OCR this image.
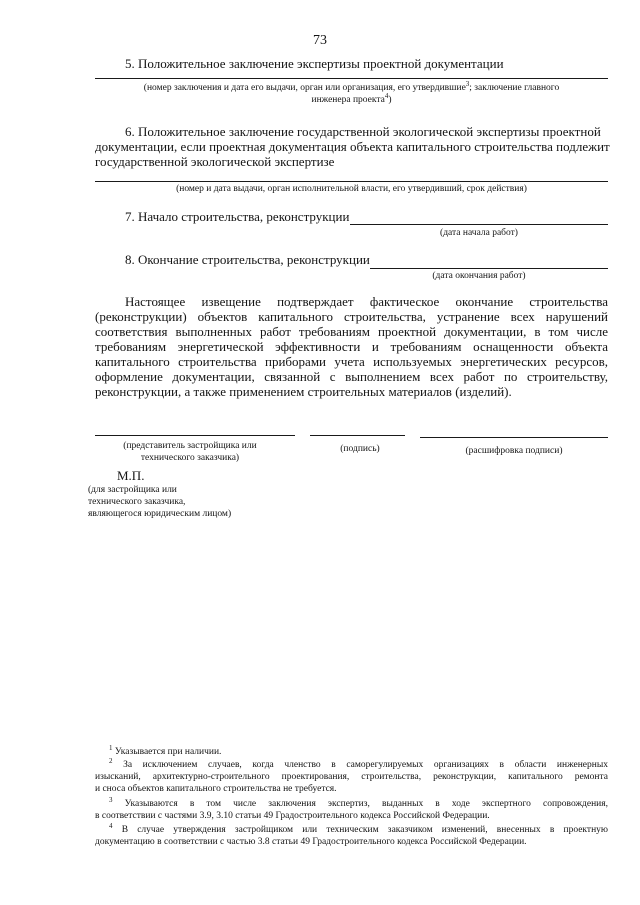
73
5. Положительное заключение экспертизы проектной документации
(номер заключения и дата его выдачи, орган или организация, его утвердившие$^3$; заключение главного
инженера проекта$^4$)
6. Положительное заключение государственной экологической экспертизы проектной
документации, если проектная документация объекта капитального строительства подлежит
государственной экологической экспертизе
(номер и дата выдачи, орган исполнительной власти, его утвердивший, срок действия)
7. Начало строительства, реконструкции
(дата начала работ)
8. Окончание строительства, реконструкции
(дата окончания работ)
Настоящее извещение подтверждает фактическое окончание строительства
(реконструкции) объектов капитального строительства, устранение всех нарушений
соответствия выполненных работ требованиям проектной документации, в том числе
требованиям энергетической эффективности и требованиям оснащенности объекта
капитального строительства приборами учета используемых энергетических ресурсов,
оформление документации, связанной с выполнением всех работ по строительству,
реконструкции, а также применением строительных материалов (изделий).
(представитель застройщика или
технического заказчика)
(подпись)	(расшифровка подписи)
М.П.
(для застройщика или
технического заказчика,
являющегося юридическим лицом)
$^1$ Указывается при наличии.
$^2$ За исключением случаев, когда членство в саморегулируемых организациях в области инженерных
изысканий, архитектурно-строительного проектирования, строительства, реконструкции, капитального ремонта
и сноса объектов капитального строительства не требуется.
$^3$ Указываются в том числе заключения экспертиз, выданных в ходе экспертного сопровождения,
в соответствии с частями 3.9, 3.10 статьи 49 Градостроительного кодекса Российской Федерации.
$^4$ В случае утверждения застройщиком или техническим заказчиком изменений, внесенных в проектную
документацию в соответствии с частью 3.8 статьи 49 Градостроительного кодекса Российской Федерации.
